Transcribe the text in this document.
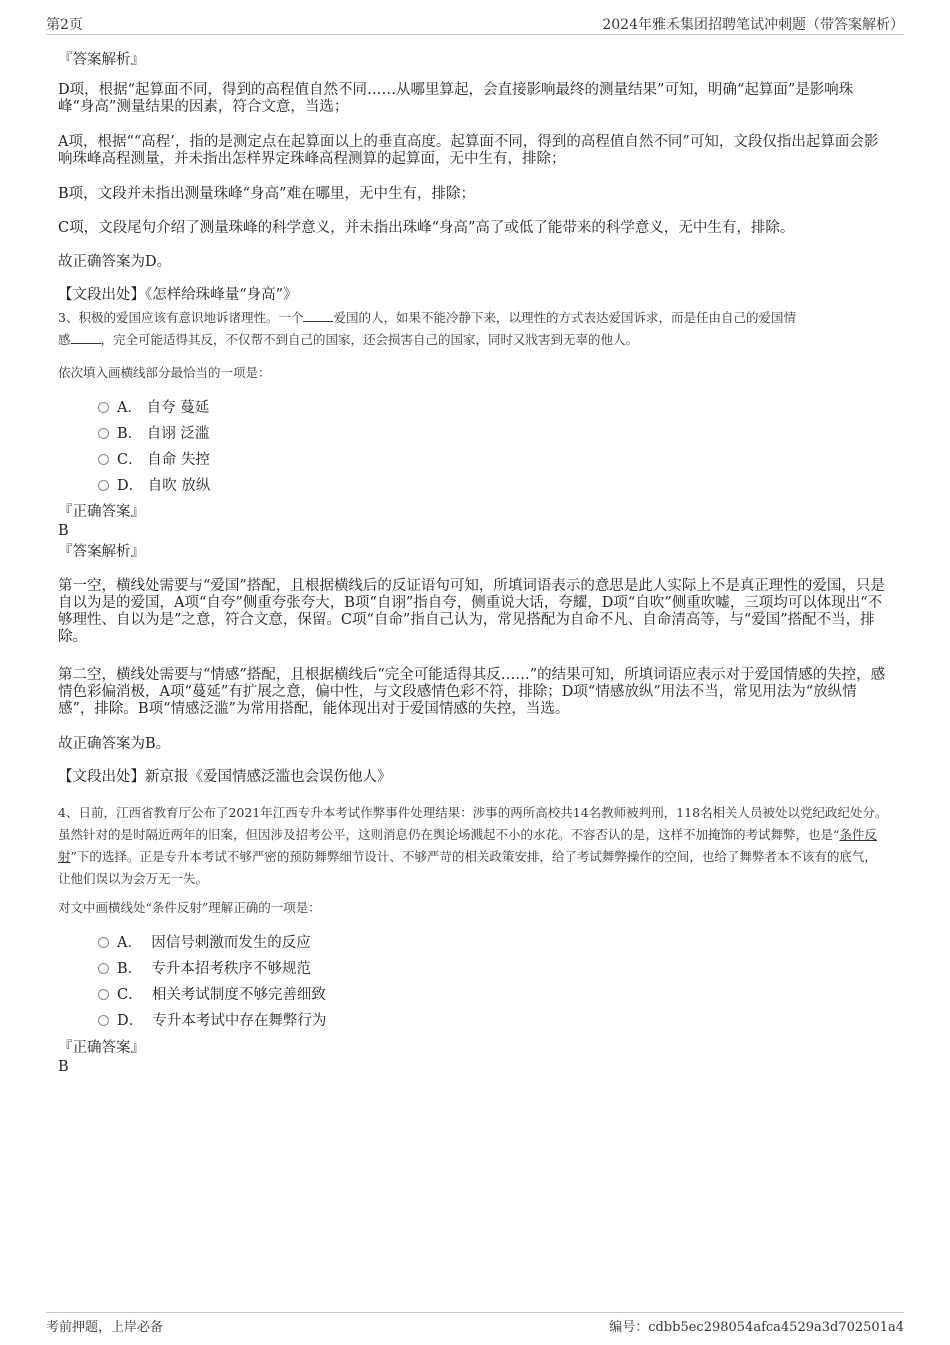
第2页	2024年雅禾集团招聘笔试冲刺题（带答案解析）

『答案解析』

D项，根据“起算面不同，得到的高程值自然不同……从哪里算起，会直接影响最终的测量结果”可知，明确“起算面”是影响珠峰“身高”测量结果的因素，符合文意，当选；

A项，根据““高程’，指的是测定点在起算面以上的垂直高度。起算面不同，得到的高程值自然不同”可知，文段仅指出起算面会影响珠峰高程测量，并未指出怎样界定珠峰高程测算的起算面，无中生有，排除；

B项，文段并未指出测量珠峰“身高”难在哪里，无中生有，排除；

C项，文段尾句介绍了测量珠峰的科学意义，并未指出珠峰“身高”高了或低了能带来的科学意义，无中生有，排除。

故正确答案为D。

【文段出处】《怎样给珠峰量“身高”》

3、积极的爱国应该有意识地诉诸理性。一个 爱国的人，如果不能冷静下来，以理性的方式表达爱国诉求，而是任由自己的爱国情
感 ，完全可能适得其反，不仅帮不到自己的国家，还会损害自己的国家，同时又戕害到无辜的他人。

依次填入画横线部分最恰当的一项是：

A． 自夸 蔓延
B． 自诩 泛滥
C． 自命 失控
D． 自吹 放纵

『正确答案』

B

『答案解析』

第一空，横线处需要与“爱国”搭配，且根据横线后的反证语句可知，所填词语表示的意思是此人实际上不是真正理性的爱国，只是自以为是的爱国，A项“自夸”侧重夸张夸大，B项“自诩”指自夸，侧重说大话，夸耀，D项“自吹”侧重吹嘘，三项均可以体现出“不够理性、自以为是”之意，符合文意，保留。C项“自命”指自己认为，常见搭配为自命不凡、自命清高等，与“爱国”搭配不当，排除。

第二空，横线处需要与“情感”搭配，且根据横线后“完全可能适得其反……”的结果可知，所填词语应表示对于爱国情感的失控，感情色彩偏消极，A项“蔓延”有扩展之意，偏中性，与文段感情色彩不符，排除；D项“情感放纵”用法不当，常见用法为“放纵情感”，排除。B项“情感泛滥”为常用搭配，能体现出对于爱国情感的失控，当选。

故正确答案为B。

【文段出处】新京报《爱国情感泛滥也会误伤他人》

4、日前，江西省教育厅公布了2021年江西专升本考试作弊事件处理结果：涉事的两所高校共14名教师被判刑，118名相关人员被处以党纪政纪处分。虽然针对的是时隔近两年的旧案，但因涉及招考公平，这则消息仍在舆论场溅起不小的水花。不容否认的是，这样不加掩饰的考试舞弊，也是“条件反射”下的选择。正是专升本考试不够严密的预防舞弊细节设计、不够严苛的相关政策安排，给了考试舞弊操作的空间，也给了舞弊者本不该有的底气，让他们误以为会万无一失。

对文中画横线处“条件反射”理解正确的一项是：

A． 因信号刺激而发生的反应
B． 专升本招考秩序不够规范
C． 相关考试制度不够完善细致
D． 专升本考试中存在舞弊行为

『正确答案』

B

考前押题，上岸必备	编号：cdbb5ec298054afca4529a3d702501a4
